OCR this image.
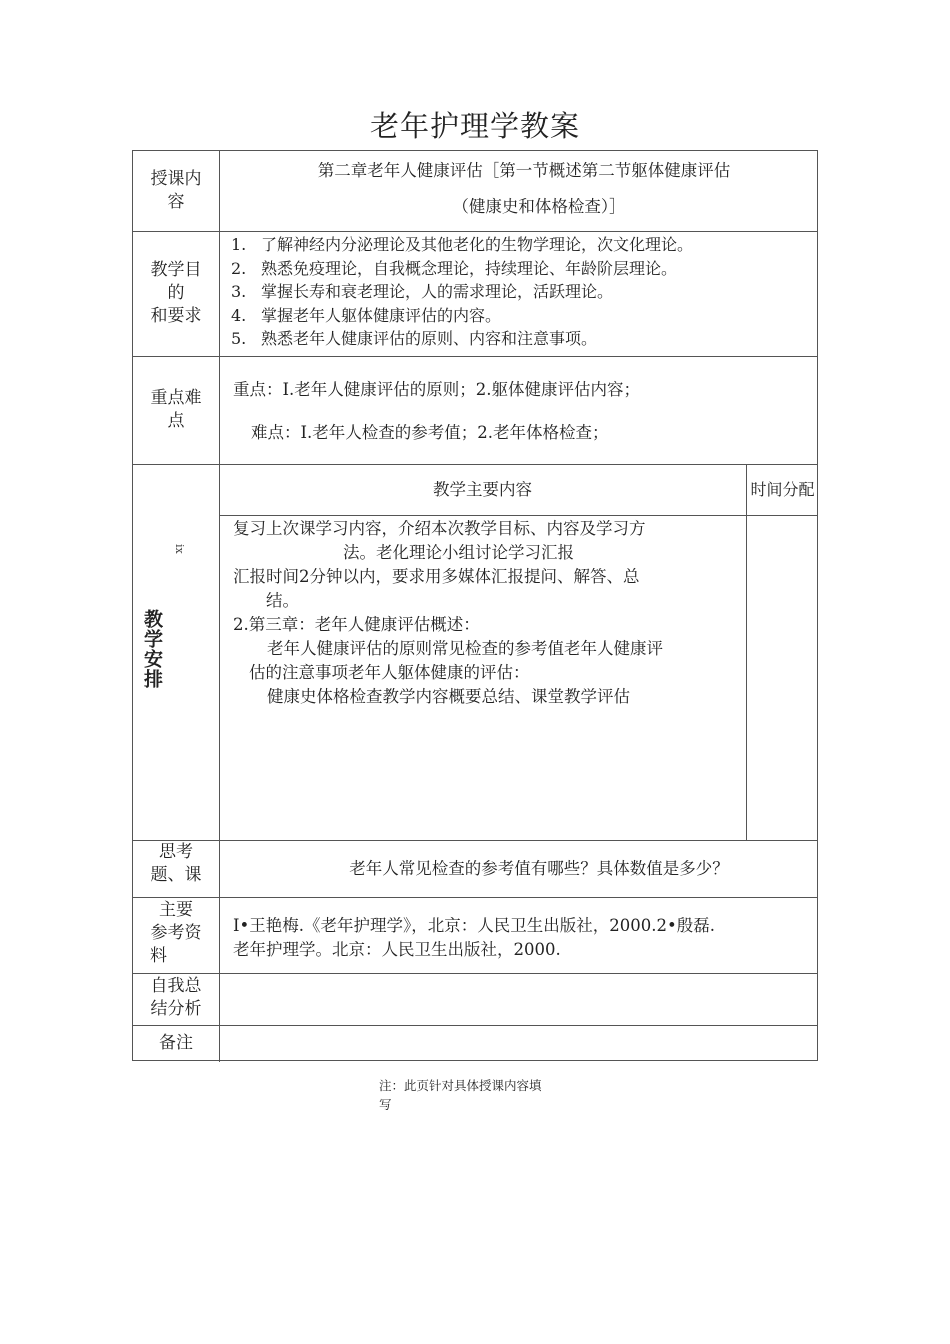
老年护理学教案
授课内容
第二章老年人健康评估［第一节概述第二节躯体健康评估
（健康史和体格检查）］
教学目
的
和要求
1. 了解神经内分泌理论及其他老化的生物学理论，次文化理论。
2. 熟悉免疫理论，自我概念理论，持续理论、年龄阶层理论。
3. 掌握长寿和衰老理论，人的需求理论，活跃理论。
4. 掌握老年人躯体健康评估的内容。
5. 熟悉老年人健康评估的原则、内容和注意事项。
重点难点
重点：I.老年人健康评估的原则；2.躯体健康评估内容；
难点：I.老年人检查的参考值；2.老年体格检查；
ix
教学安排
教学主要内容	时间分配
复习上次课学习内容，介绍本次教学目标、内容及学习方
法。老化理论小组讨论学习汇报
汇报时间2分钟以内，要求用多媒体汇报提问、解答、总
结。
2.第三章：老年人健康评估概述：
老年人健康评估的原则常见检查的参考值老年人健康评
估的注意事项老年人躯体健康的评估：
健康史体格检查教学内容概要总结、课堂教学评估
思考
题、课	老年人常见检查的参考值有哪些？具体数值是多少？
主要
参考资
料
I•王艳梅.《老年护理学》，北京：人民卫生出版社，2000.2•殷磊.
老年护理学。北京：人民卫生出版社，2000.
自我总
结分析
备注
注：此页针对具体授课内容填
写
